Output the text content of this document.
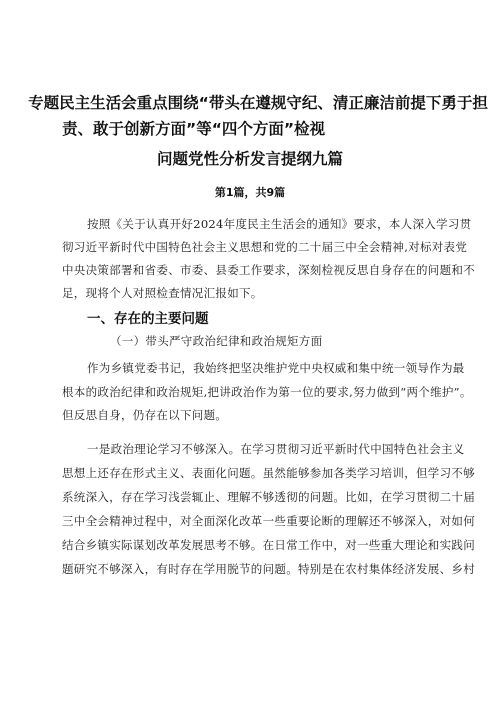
专题民主生活会重点围绕“带头在遵规守纪、清正廉洁前提下勇于担
责、敢于创新方面”等“四个方面”检视
问题党性分析发言提纲九篇
第1篇，共9篇
按照《关于认真开好2024年度民主生活会的通知》要求，本人深入学习贯
彻习近平新时代中国特色社会主义思想和党的二十届三中全会精神,对标对表党
中央决策部署和省委、市委、县委工作要求，深刻检视反思自身存在的问题和不
足，现将个人对照检查情况汇报如下。
一、存在的主要问题
（一）带头严守政治纪律和政治规矩方面
作为乡镇党委书记，我始终把坚决维护党中央权威和集中统一领导作为最
根本的政治纪律和政治规矩,把讲政治作为第一位的要求,努力做到“两个维护”。
但反思自身，仍存在以下问题。
一是政治理论学习不够深入。在学习贯彻习近平新时代中国特色社会主义
思想上还存在形式主义、表面化问题。虽然能够参加各类学习培训，但学习不够
系统深入，存在学习浅尝辄止、理解不够透彻的问题。比如，在学习贯彻二十届
三中全会精神过程中，对全面深化改革一些重要论断的理解还不够深入，对如何
结合乡镇实际谋划改革发展思考不够。在日常工作中，对一些重大理论和实践问
题研究不够深入，有时存在学用脱节的问题。特别是在农村集体经济发展、乡村
